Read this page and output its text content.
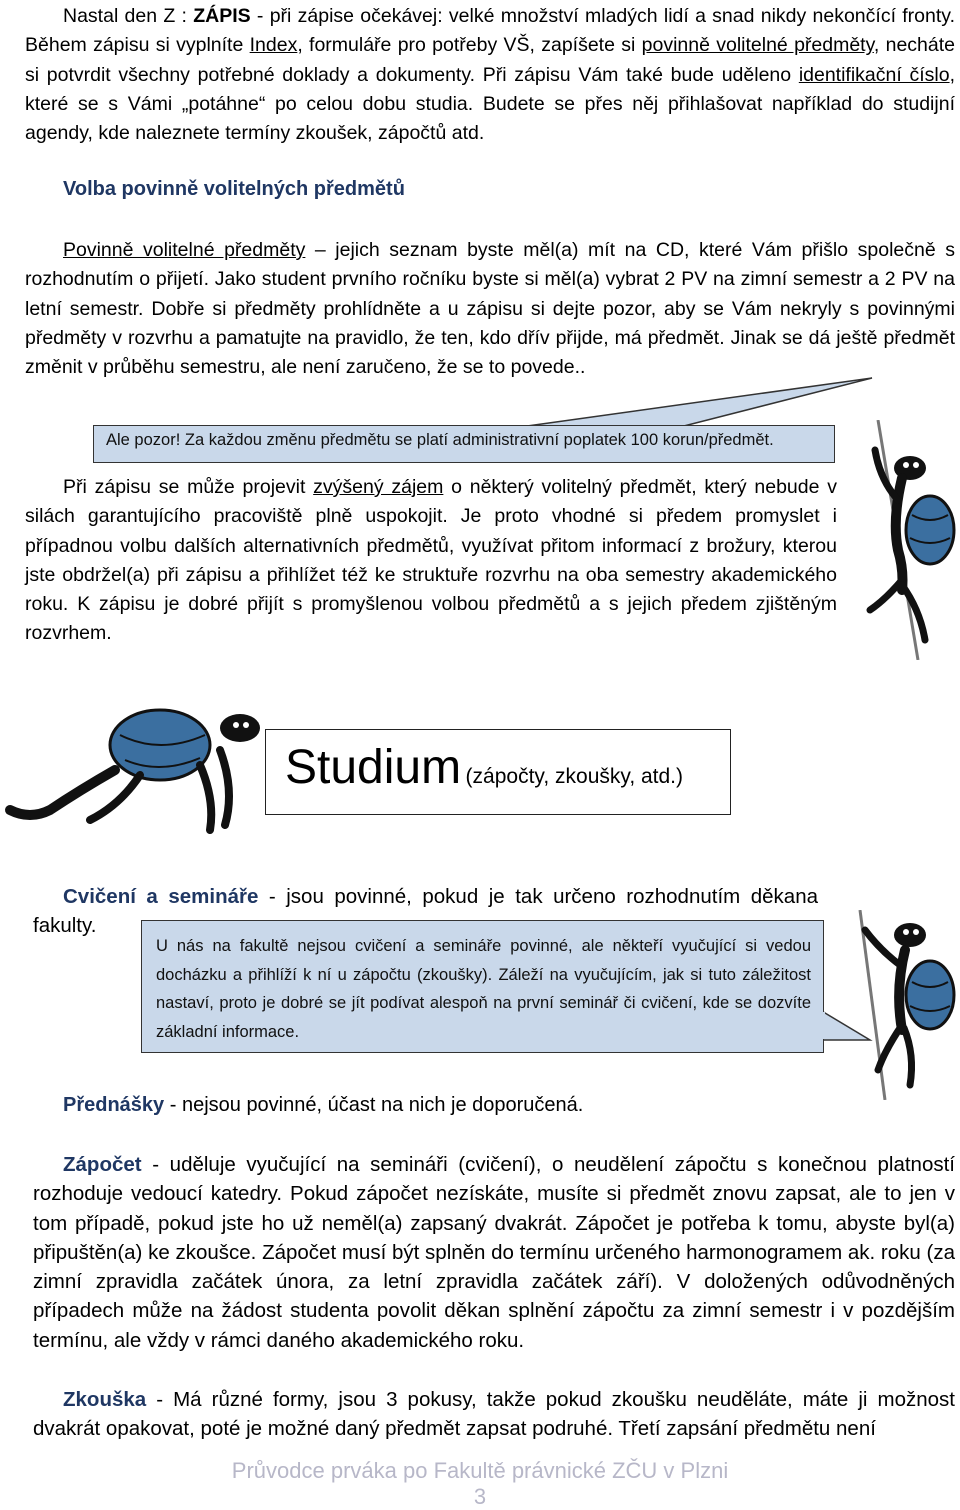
Nastal den Z : ZÁPIS - při zápise očekávej: velké množství mladých lidí a snad nikdy nekončící fronty. Během zápisu si vyplníte Index, formuláře pro potřeby VŠ, zapíšete si povinně volitelné předměty, necháte si potvrdit všechny potřebné doklady a dokumenty. Při zápisu Vám také bude uděleno identifikační číslo, které se s Vámi „potáhne“ po celou dobu studia. Budete se přes něj přihlašovat například do studijní agendy, kde naleznete termíny zkoušek, zápočtů atd.

Volba povinně volitelných předmětů

Povinně volitelné předměty – jejich seznam byste měl(a) mít na CD, které Vám přišlo společně s rozhodnutím o přijetí. Jako student prvního ročníku byste si měl(a) vybrat 2 PV na zimní semestr a 2 PV na letní semestr. Dobře si předměty prohlídněte a u zápisu si dejte pozor, aby se Vám nekryly s povinnými předměty v rozvrhu a pamatujte na pravidlo, že ten, kdo dřív přijde, má předmět. Jinak se dá ještě předmět změnit v průběhu semestru, ale není zaručeno, že se to povede..

Ale pozor! Za každou změnu předmětu se platí administrativní poplatek 100 korun/předmět.

Při zápisu se může projevit zvýšený zájem o některý volitelný předmět, který nebude v silách garantujícího pracoviště plně uspokojit. Je proto vhodné si předem promyslet i případnou volbu dalších alternativních předmětů, využívat přitom informací z brožury, kterou jste obdržel(a) při zápisu a přihlížet též ke struktuře rozvrhu na oba semestry akademického roku. K zápisu je dobré přijít s promyšlenou volbou předmětů a s jejich předem zjištěným rozvrhem.

Studium (zápočty, zkoušky, atd.)

Cvičení a semináře - jsou povinné, pokud je tak určeno rozhodnutím děkana fakulty.

U nás na fakultě nejsou cvičení a semináře povinné, ale někteří vyučující si vedou docházku a přihlíží k ní u zápočtu (zkoušky). Záleží na vyučujícím, jak si tuto záležitost nastaví, proto je dobré se jít podívat alespoň na první seminář či cvičení, kde se dozvíte základní informace.

Přednášky - nejsou povinné, účast na nich je doporučená.

Zápočet - uděluje vyučující na semináři (cvičení), o neudělení zápočtu s konečnou platností rozhoduje vedoucí katedry. Pokud zápočet nezískáte, musíte si předmět znovu zapsat, ale to jen v tom případě, pokud jste ho už neměl(a) zapsaný dvakrát. Zápočet je potřeba k tomu, abyste byl(a) připuštěn(a) ke zkoušce. Zápočet musí být splněn do termínu určeného harmonogramem ak. roku (za zimní zpravidla začátek února, za letní zpravidla začátek září). V doložených odůvodněných případech může na žádost studenta povolit děkan splnění zápočtu za zimní semestr i v pozdějším termínu, ale vždy v rámci daného akademického roku.

Zkouška - Má různé formy, jsou 3 pokusy, takže pokud zkoušku neuděláte, máte ji možnost dvakrát opakovat, poté je možné daný předmět zapsat podruhé. Třetí zapsání předmětu není

Průvodce prváka po Fakultě právnické ZČU v Plzni
3
